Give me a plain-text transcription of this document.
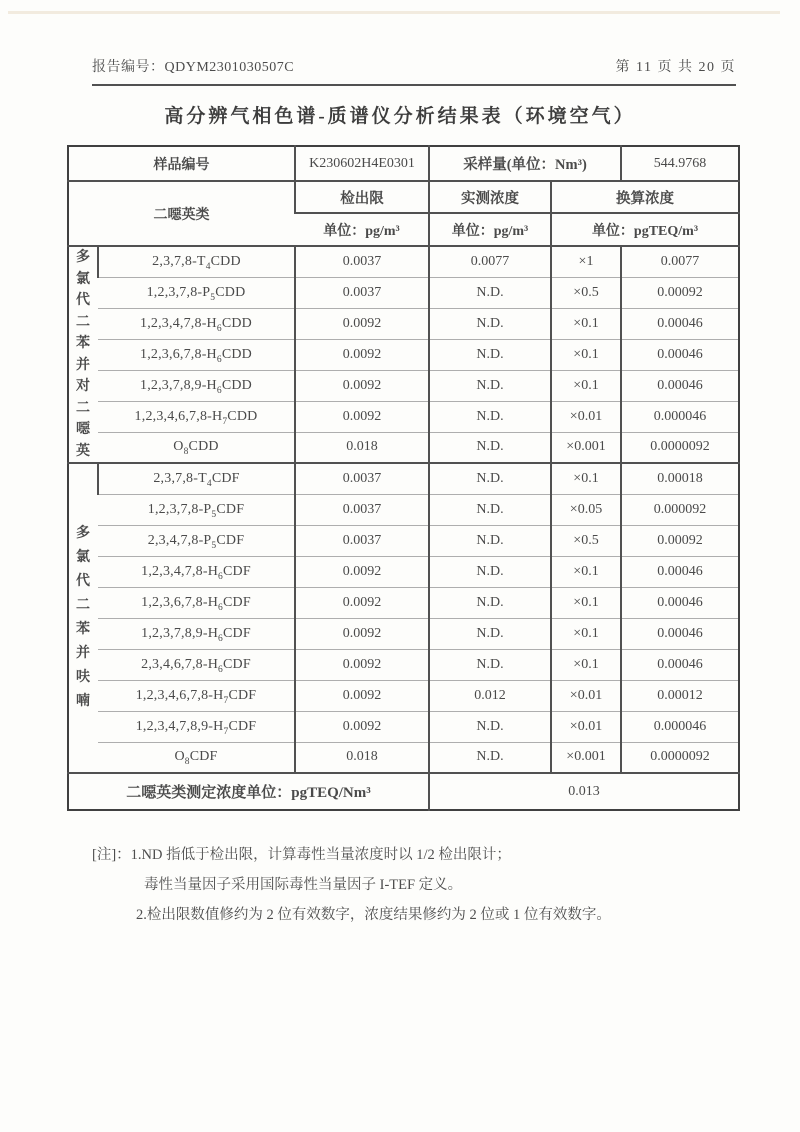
报告编号：QDYM2301030507C	第 11 页 共 20 页
高分辨气相色谱-质谱仪分析结果表（环境空气）
样品编号		K230602H4E0301	采样量(单位：Nm³)		544.9768
二噁英类		检出限	实测浓度	换算浓度	
		单位：pg/m³	单位：pg/m³	单位：pgTEQ/m³	

多
氯
代
二
苯
并
对
二
噁
英
	$2,3,7,8-T_4CDD$	0.0037	0.0077	×1	0.0077
	$1,2,3,7,8-P_5CDD$	0.0037	N.D.	×0.5	0.00092
	$1,2,3,4,7,8-H_6CDD$	0.0092	N.D.	×0.1	0.00046
	$1,2,3,6,7,8-H_6CDD$	0.0092	N.D.	×0.1	0.00046
	$1,2,3,7,8,9-H_6CDD$	0.0092	N.D.	×0.1	0.00046
	$1,2,3,4,6,7,8-H_7CDD$	0.0092	N.D.	×0.01	0.000046
	$O_8CDD$	0.018	N.D.	×0.001	0.0000092

多
氯
代
二
苯
并
呋
喃
	$2,3,7,8-T_4CDF$	0.0037	N.D.	×0.1	0.00018
	$1,2,3,7,8-P_5CDF$	0.0037	N.D.	×0.05	0.000092
	$2,3,4,7,8-P_5CDF$	0.0037	N.D.	×0.5	0.00092
	$1,2,3,4,7,8-H_6CDF$	0.0092	N.D.	×0.1	0.00046
	$1,2,3,6,7,8-H_6CDF$	0.0092	N.D.	×0.1	0.00046
	$1,2,3,7,8,9-H_6CDF$	0.0092	N.D.	×0.1	0.00046
	$2,3,4,6,7,8-H_6CDF$	0.0092	N.D.	×0.1	0.00046
	$1,2,3,4,6,7,8-H_7CDF$	0.0092	0.012	×0.01	0.00012
	$1,2,3,4,7,8,9-H_7CDF$	0.0092	N.D.	×0.01	0.000046
	$O_8CDF$	0.018	N.D.	×0.001	0.0000092
二噁英类测定浓度单位：pgTEQ/Nm³			0.013		
[注]：1.ND 指低于检出限，计算毒性当量浓度时以 1/2 检出限计；
毒性当量因子采用国际毒性当量因子 I-TEF 定义。
2.检出限数值修约为 2 位有效数字，浓度结果修约为 2 位或 1 位有效数字。
